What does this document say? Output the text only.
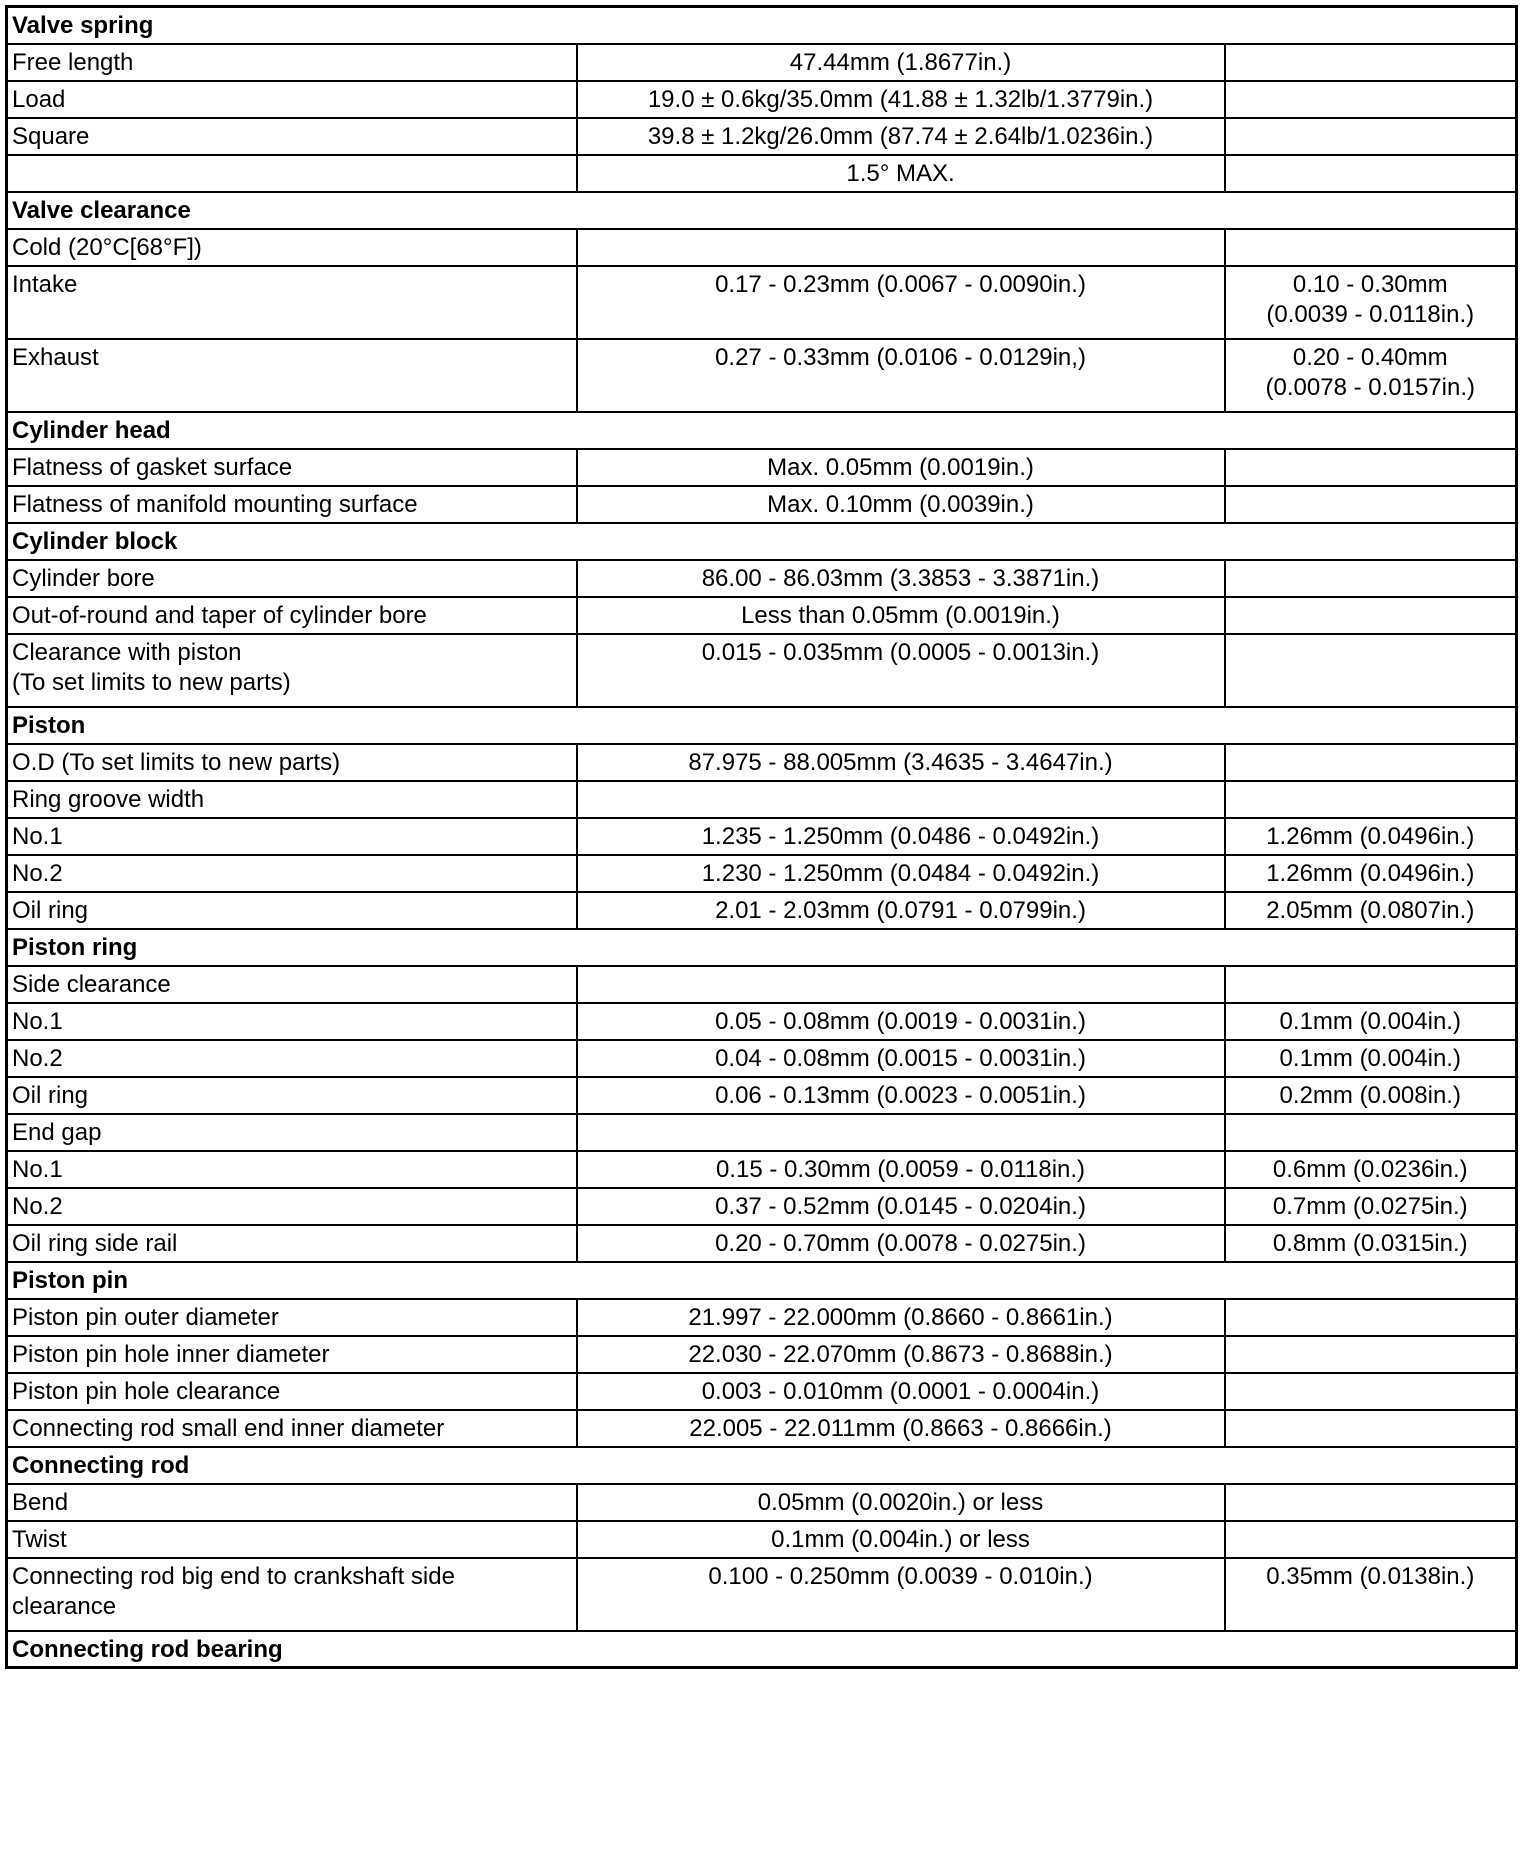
Valve spring		
Free length	47.44mm (1.8677in.)	
Load	19.0 ± 0.6kg/35.0mm (41.88 ± 1.32lb/1.3779in.)	
Square	39.8 ± 1.2kg/26.0mm (87.74 ± 2.64lb/1.0236in.)	
	1.5° MAX.	
Valve clearance		
Cold (20°C[68°F])		
Intake	0.17 - 0.23mm (0.0067 - 0.0090in.)	0.10 - 0.30mm
(0.0039 - 0.0118in.)
Exhaust	0.27 - 0.33mm (0.0106 - 0.0129in,)	0.20 - 0.40mm
(0.0078 - 0.0157in.)
Cylinder head		
Flatness of gasket surface	Max. 0.05mm (0.0019in.)	
Flatness of manifold mounting surface	Max. 0.10mm (0.0039in.)	
Cylinder block		
Cylinder bore	86.00 - 86.03mm (3.3853 - 3.3871in.)	
Out-of-round and taper of cylinder bore	Less than 0.05mm (0.0019in.)	
Clearance with piston
(To set limits to new parts)	0.015 - 0.035mm (0.0005 - 0.0013in.)	
Piston		
O.D (To set limits to new parts)	87.975 - 88.005mm (3.4635 - 3.4647in.)	
Ring groove width		
No.1	1.235 - 1.250mm (0.0486 - 0.0492in.)	1.26mm (0.0496in.)
No.2	1.230 - 1.250mm (0.0484 - 0.0492in.)	1.26mm (0.0496in.)
Oil ring	2.01 - 2.03mm (0.0791 - 0.0799in.)	2.05mm (0.0807in.)
Piston ring		
Side clearance		
No.1	0.05 - 0.08mm (0.0019 - 0.0031in.)	0.1mm (0.004in.)
No.2	0.04 - 0.08mm (0.0015 - 0.0031in.)	0.1mm (0.004in.)
Oil ring	0.06 - 0.13mm (0.0023 - 0.0051in.)	0.2mm (0.008in.)
End gap		
No.1	0.15 - 0.30mm (0.0059 - 0.0118in.)	0.6mm (0.0236in.)
No.2	0.37 - 0.52mm (0.0145 - 0.0204in.)	0.7mm (0.0275in.)
Oil ring side rail	0.20 - 0.70mm (0.0078 - 0.0275in.)	0.8mm (0.0315in.)
Piston pin		
Piston pin outer diameter	21.997 - 22.000mm (0.8660 - 0.8661in.)	
Piston pin hole inner diameter	22.030 - 22.070mm (0.8673 - 0.8688in.)	
Piston pin hole clearance	0.003 - 0.010mm (0.0001 - 0.0004in.)	
Connecting rod small end inner diameter	22.005 - 22.011mm (0.8663 - 0.8666in.)	
Connecting rod		
Bend	0.05mm (0.0020in.) or less	
Twist	0.1mm (0.004in.) or less	
Connecting rod big end to crankshaft side
clearance	0.100 - 0.250mm (0.0039 - 0.010in.)	0.35mm (0.0138in.)
Connecting rod bearing		
